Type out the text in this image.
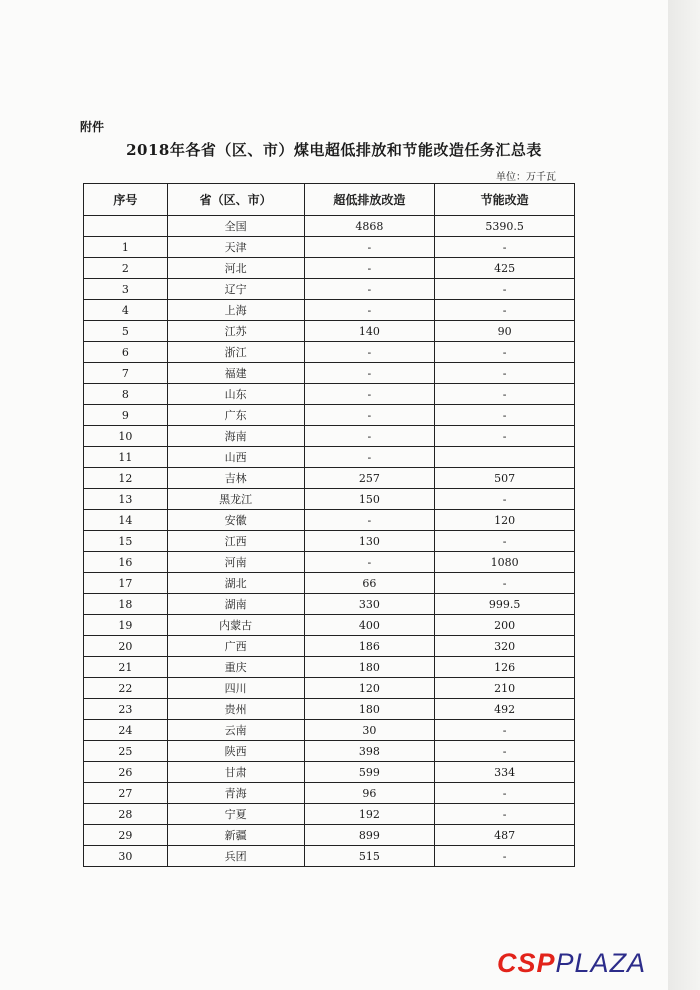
附件
2018年各省（区、市）煤电超低排放和节能改造任务汇总表
单位：万千瓦
序号	省（区、市）	超低排放改造	节能改造
	全国	4868	5390.5
1	天津	-	-
2	河北	-	425
3	辽宁	-	-
4	上海	-	-
5	江苏	140	90
6	浙江	-	-
7	福建	-	-
8	山东	-	-
9	广东	-	-
10	海南	-	-
11	山西	-	
12	吉林	257	507
13	黑龙江	150	-
14	安徽	-	120
15	江西	130	-
16	河南	-	1080
17	湖北	66	-
18	湖南	330	999.5
19	内蒙古	400	200
20	广西	186	320
21	重庆	180	126
22	四川	120	210
23	贵州	180	492
24	云南	30	-
25	陕西	398	-
26	甘肃	599	334
27	青海	96	-
28	宁夏	192	-
29	新疆	899	487
30	兵团	515	-
CSP PLAZA
